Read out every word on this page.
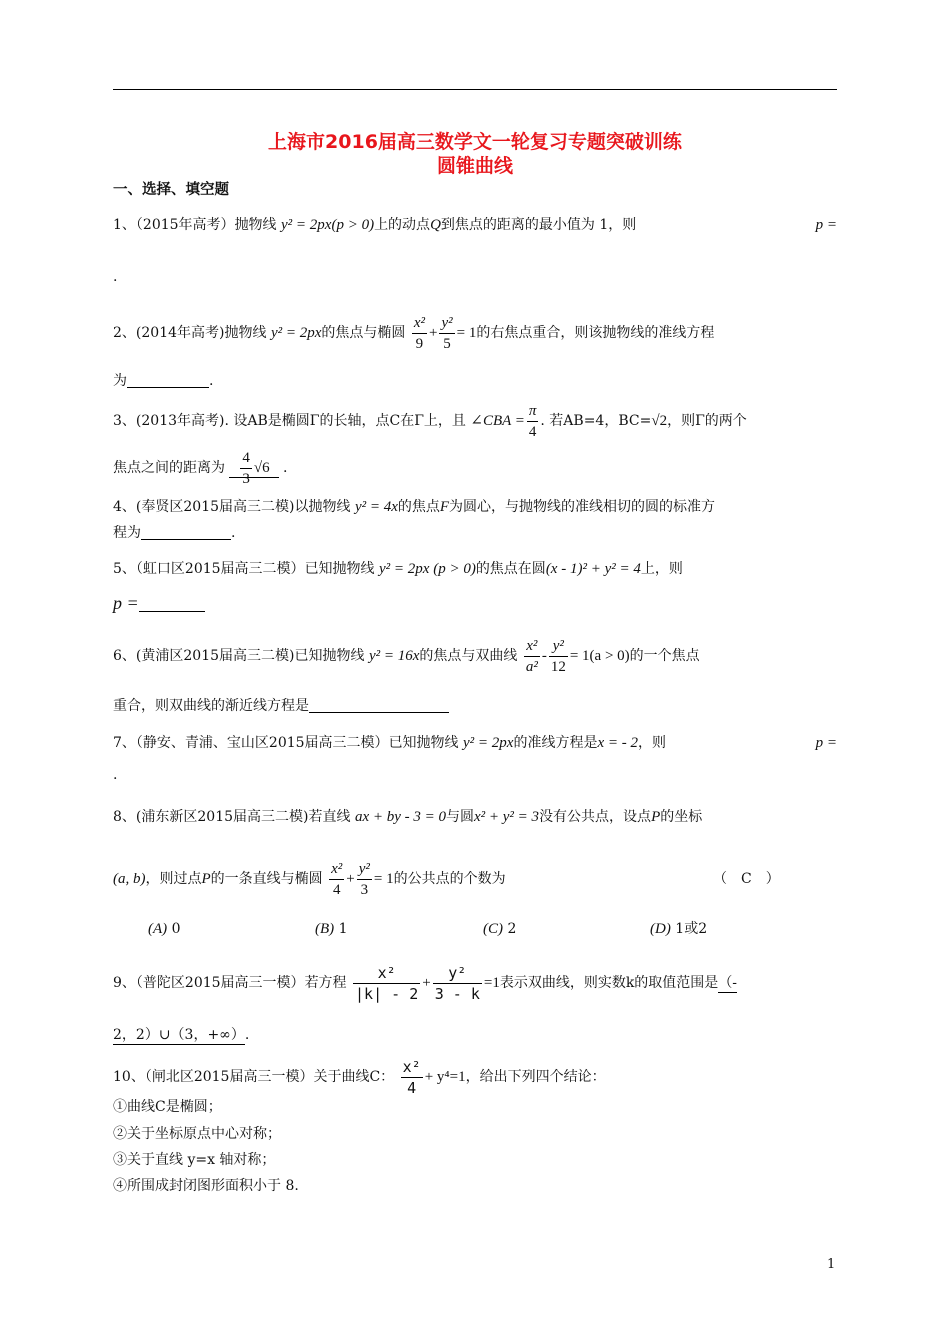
上海市2016届高三数学文一轮复习专题突破训练
圆锥曲线
一、选择、填空题
1、（2015年高考）抛物线 y² = 2px(p > 0)上的动点Q到焦点的距离的最小值为 1，则	p =
.
2、(2014年高考)抛物线 y² = 2px的焦点与椭圆 $\frac{\text{x²}}{9} + \frac{\text{y²}}{5} = 1$的右焦点重合，则该抛物线的准线方程
为	.
3、(2013年高考). 设AB是椭圆Γ的长轴，点C在Γ上，且 ∠CBA = $\frac{\pi}{4}$ . 若AB=4，BC=√2，则Γ的两个
焦点之间的距离为 $\frac{4}{3} √6$ .
4、(奉贤区2015届高三二模)以抛物线 y² = 4x的焦点F为圆心，与抛物线的准线相切的圆的标准方
程为	.
5、（虹口区2015届高三二模）已知抛物线 y² = 2px (p > 0)的焦点在圆(x - 1)² + y² = 4上，则
p =
6、(黄浦区2015届高三二模)已知抛物线 y² = 16x的焦点与双曲线 $\frac{\text{x²}}{\text{a²}} - \frac{\text{y²}}{12} = 1(a > 0)$的一个焦点
重合，则双曲线的渐近线方程是
7、（静安、青浦、宝山区2015届高三二模）已知抛物线 y² = 2px的准线方程是x = - 2，则	p =
.
8、(浦东新区2015届高三二模)若直线 ax + by - 3 = 0与圆x² + y² = 3没有公共点，设点P的坐标
(a, b)，则过点P的一条直线与椭圆 $\frac{\text{x²}}{4} + \frac{\text{y²}}{3} = 1$的公共点的个数为	（　C　）
(A) 0	(B) 1	(C) 2	(D) 1或2
9、（普陀区2015届高三一模）若方程 $\frac{\text{x²}}{|k| - 2} + \frac{\text{y²}}{3 - k} =1$表示双曲线，则实数k的取值范围是（-
2，2）∪（3，+∞）.
10、（闸北区2015届高三一模）关于曲线C： $\frac{\text{x²}}{4} + y^4=1$，给出下列四个结论：
①曲线C是椭圆；
②关于坐标原点中心对称；
③关于直线 y=x 轴对称；
④所围成封闭图形面积小于 8.
1
